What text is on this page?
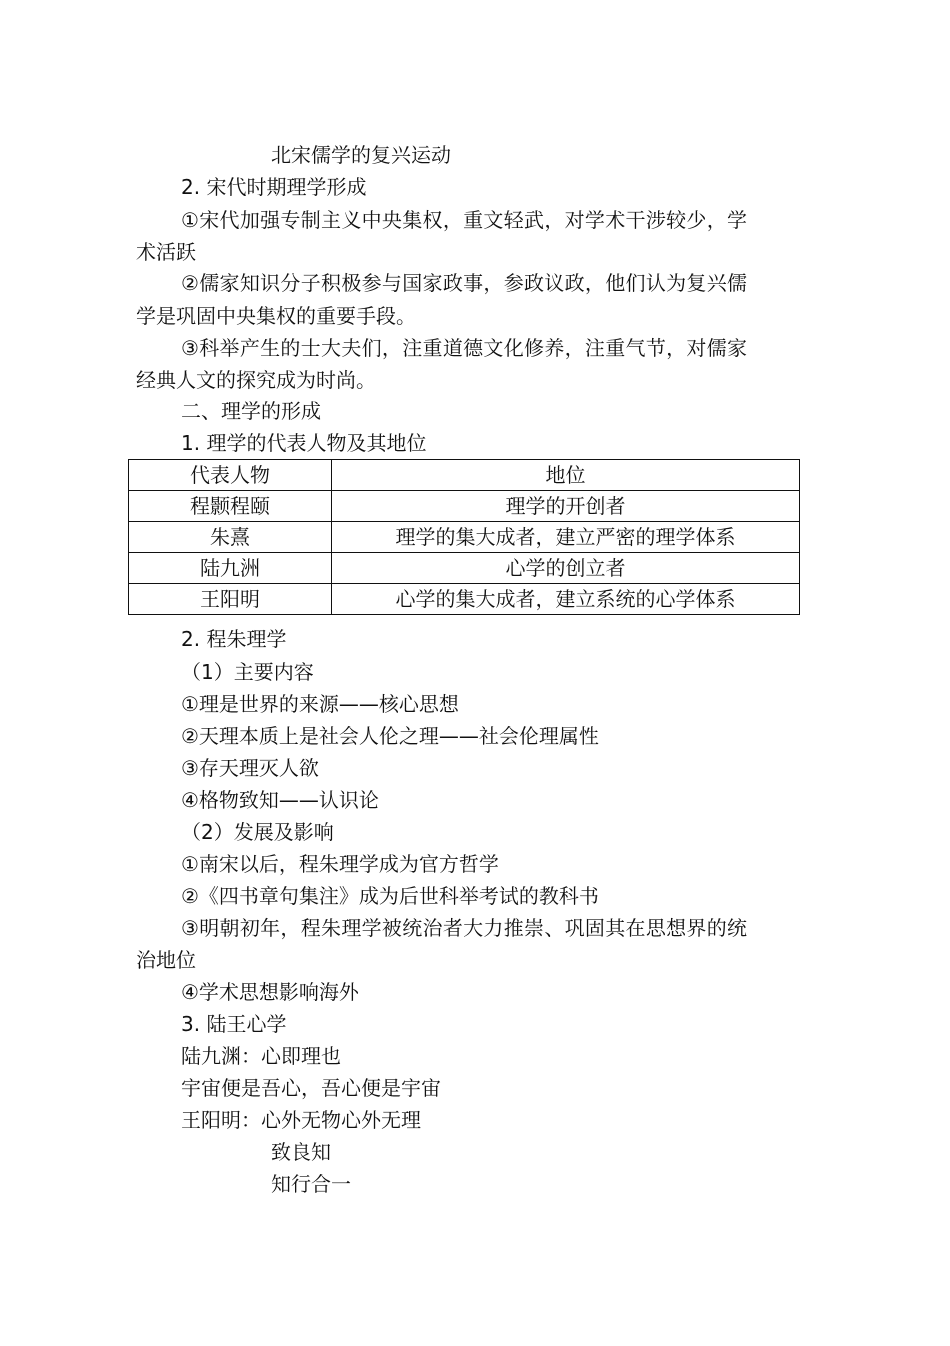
北宋儒学的复兴运动
2. 宋代时期理学形成
①宋代加强专制主义中央集权，重文轻武，对学术干涉较少，学
术活跃
②儒家知识分子积极参与国家政事，参政议政，他们认为复兴儒
学是巩固中央集权的重要手段。
③科举产生的士大夫们，注重道德文化修养，注重气节，对儒家
经典人文的探究成为时尚。
二、理学的形成
1. 理学的代表人物及其地位
代表人物	地位
程颢程颐	理学的开创者
朱熹	理学的集大成者，建立严密的理学体系
陆九洲	心学的创立者
王阳明	心学的集大成者，建立系统的心学体系
2. 程朱理学
（1）主要内容
①理是世界的来源——核心思想
②天理本质上是社会人伦之理——社会伦理属性
③存天理灭人欲
④格物致知——认识论
（2）发展及影响
①南宋以后，程朱理学成为官方哲学
②《四书章句集注》成为后世科举考试的教科书
③明朝初年，程朱理学被统治者大力推崇、巩固其在思想界的统
治地位
④学术思想影响海外
3. 陆王心学
陆九渊：心即理也
宇宙便是吾心，吾心便是宇宙
王阳明：心外无物心外无理
致良知
知行合一
